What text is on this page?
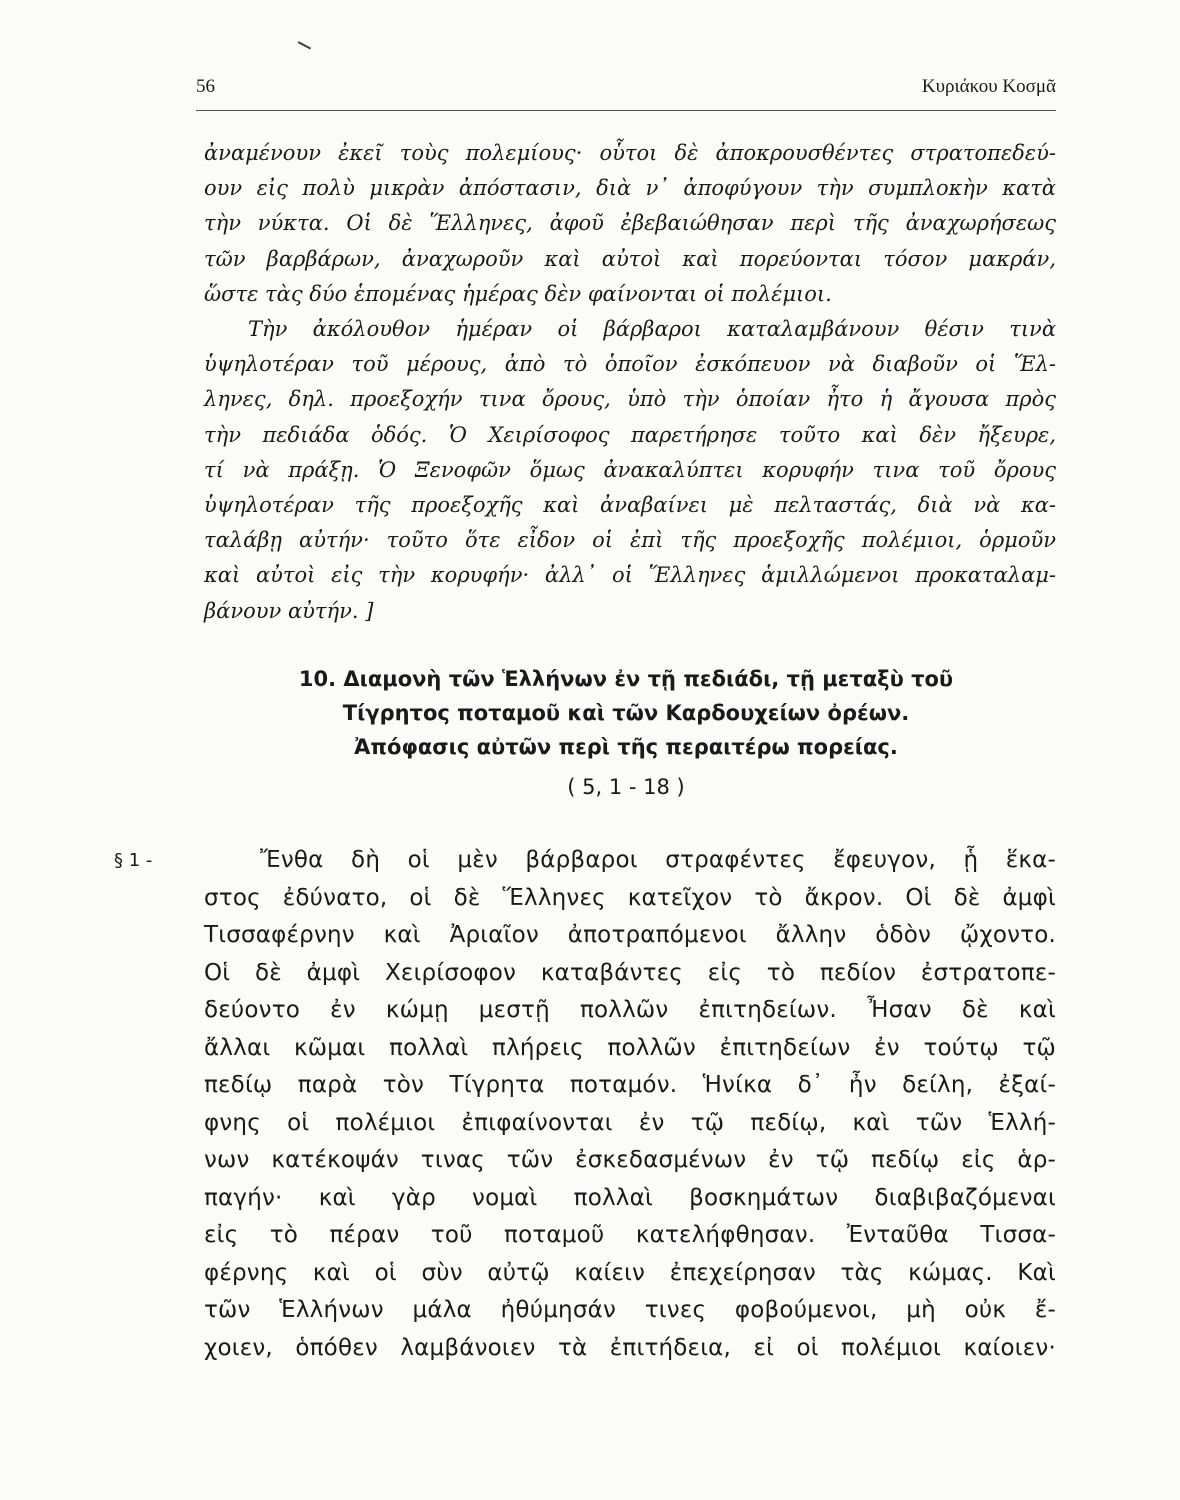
56	Κυριάκου Κοσμᾶ
ἀναμένουν ἐκεῖ τοὺς πολεμίους· οὗτοι δὲ ἀποκρουσθέντες στρατοπεδεύ-
ουν εἰς πολὺ μικρὰν ἀπόστασιν, διὰ ν᾽ ἀποφύγουν τὴν συμπλοκὴν κατὰ
τὴν νύκτα. Οἱ δὲ Ἕλληνες, ἀφοῦ ἐβεβαιώθησαν περὶ τῆς ἀναχωρήσεως
τῶν βαρβάρων, ἀναχωροῦν καὶ αὐτοὶ καὶ πορεύονται τόσον μακράν,
ὥστε τὰς δύο ἑπομένας ἡμέρας δὲν φαίνονται οἱ πολέμιοι.
Τὴν ἀκόλουθον ἡμέραν οἱ βάρβαροι καταλαμβάνουν θέσιν τινὰ
ὑψηλοτέραν τοῦ μέρους, ἀπὸ τὸ ὁποῖον ἐσκόπευον νὰ διαβοῦν οἱ Ἕλ-
ληνες, δηλ. προεξοχήν τινα ὄρους, ὑπὸ τὴν ὁποίαν ἦτο ἡ ἄγουσα πρὸς
τὴν πεδιάδα ὁδός. Ὁ Χειρίσοφος παρετήρησε τοῦτο καὶ δὲν ἤξευρε,
τί νὰ πράξῃ. Ὁ Ξενοφῶν ὅμως ἀνακαλύπτει κορυφήν τινα τοῦ ὄρους
ὑψηλοτέραν τῆς προεξοχῆς καὶ ἀναβαίνει μὲ πελταστάς, διὰ νὰ κα-
ταλάβῃ αὐτήν· τοῦτο ὅτε εἶδον οἱ ἐπὶ τῆς προεξοχῆς πολέμιοι, ὁρμοῦν
καὶ αὐτοὶ εἰς τὴν κορυφήν· ἀλλ᾽ οἱ Ἕλληνες ἁμιλλώμενοι προκαταλαμ-
βάνουν αὐτήν. ]
10. Διαμονὴ τῶν Ἑλλήνων ἐν τῇ πεδιάδι, τῇ μεταξὺ τοῦ
Τίγρητος ποταμοῦ καὶ τῶν Καρδουχείων ὀρέων.
Ἀπόφασις αὐτῶν περὶ τῆς περαιτέρω πορείας.
( 5, 1 - 18 )
§ 1 -	Ἔνθα δὴ οἱ μὲν βάρβαροι στραφέντες ἔφευγον, ᾗ ἕκα-
στος ἐδύνατο, οἱ δὲ Ἕλληνες κατεῖχον τὸ ἄκρον. Οἱ δὲ ἀμφὶ
Τισσαφέρνην καὶ Ἀριαῖον ἀποτραπόμενοι ἄλλην ὁδὸν ᾤχοντο.
Οἱ δὲ ἀμφὶ Χειρίσοφον καταβάντες εἰς τὸ πεδίον ἐστρατοπε-
δεύοντο ἐν κώμῃ μεστῇ πολλῶν ἐπιτηδείων. Ἦσαν δὲ καὶ
ἄλλαι κῶμαι πολλαὶ πλήρεις πολλῶν ἐπιτηδείων ἐν τούτῳ τῷ
πεδίῳ παρὰ τὸν Τίγρητα ποταμόν. Ἡνίκα δ᾽ ἦν δείλη, ἐξαί-
φνης οἱ πολέμιοι ἐπιφαίνονται ἐν τῷ πεδίῳ, καὶ τῶν Ἑλλή-
νων κατέκοψάν τινας τῶν ἐσκεδασμένων ἐν τῷ πεδίῳ εἰς ἁρ-
παγήν· καὶ γὰρ νομαὶ πολλαὶ βοσκημάτων διαβιβαζόμεναι
εἰς τὸ πέραν τοῦ ποταμοῦ κατελήφθησαν. Ἐνταῦθα Τισσα-
φέρνης καὶ οἱ σὺν αὐτῷ καίειν ἐπεχείρησαν τὰς κώμας. Καὶ
τῶν Ἑλλήνων μάλα ἠθύμησάν τινες φοβούμενοι, μὴ οὐκ ἔ-
χοιεν, ὁπόθεν λαμβάνοιεν τὰ ἐπιτήδεια, εἰ οἱ πολέμιοι καίοιεν·
